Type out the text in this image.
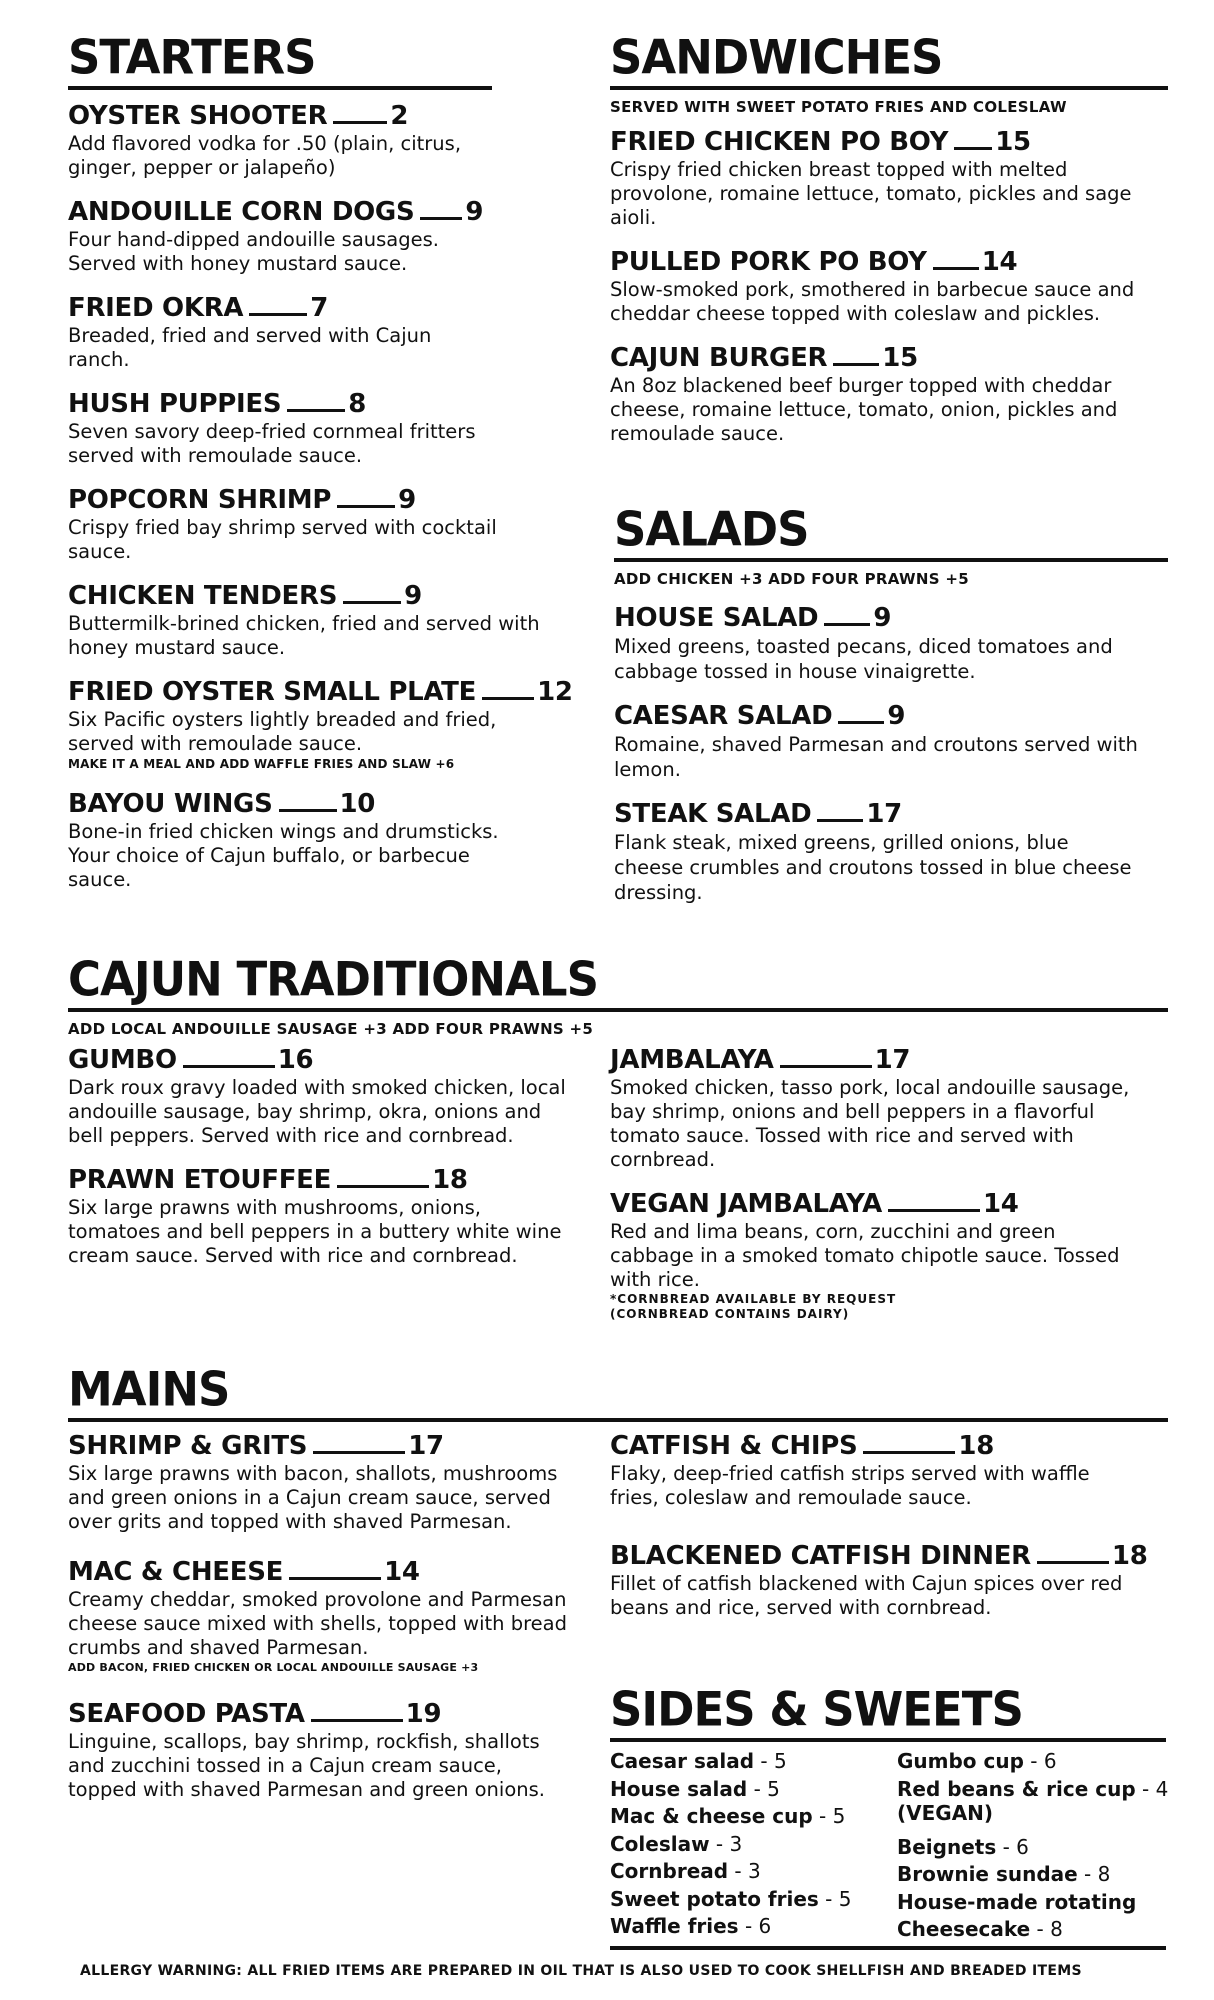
STARTERS
OYSTER SHOOTER 2
Add flavored vodka for .50 (plain, citrus, ginger, pepper or jalapeño)
ANDOUILLE CORN DOGS 9
Four hand-dipped andouille sausages. Served with honey mustard sauce.
FRIED OKRA	7
Breaded, fried and served with Cajun ranch.
HUSH PUPPIES	8
Seven savory deep-fried cornmeal fritters served with remoulade sauce.
POPCORN SHRIMP	9
Crispy fried bay shrimp served with cocktail sauce.
CHICKEN TENDERS	9
Buttermilk-brined chicken, fried and served with honey mustard sauce.
FRIED OYSTER SMALL PLATE 12
Six Pacific oysters lightly breaded and fried, served with remoulade sauce.
MAKE IT A MEAL AND ADD WAFFLE FRIES AND SLAW +6
BAYOU WINGS	10
Bone-in fried chicken wings and drumsticks. Your choice of Cajun buffalo, or barbecue sauce.
SANDWICHES
SERVED WITH SWEET POTATO FRIES AND COLESLAW
FRIED CHICKEN PO BOY 15
Crispy fried chicken breast topped with melted provolone, romaine lettuce, tomato, pickles and sage aioli.
PULLED PORK PO BOY 14
Slow-smoked pork, smothered in barbecue sauce and cheddar cheese topped with coleslaw and pickles.
CAJUN BURGER 15
An 8oz blackened beef burger topped with cheddar cheese, romaine lettuce, tomato, onion, pickles and remoulade sauce.
SALADS
ADD CHICKEN +3 ADD FOUR PRAWNS +5
HOUSE SALAD 9
Mixed greens, toasted pecans, diced tomatoes and cabbage tossed in house vinaigrette.
CAESAR SALAD 9
Romaine, shaved Parmesan and croutons served with lemon.
STEAK SALAD 17
Flank steak, mixed greens, grilled onions, blue cheese crumbles and croutons tossed in blue cheese dressing.
CAJUN TRADITIONALS
ADD LOCAL ANDOUILLE SAUSAGE +3 ADD FOUR PRAWNS +5
GUMBO	16
Dark roux gravy loaded with smoked chicken, local andouille sausage, bay shrimp, okra, onions and bell peppers. Served with rice and cornbread.
PRAWN ETOUFFEE	18
Six large prawns with mushrooms, onions, tomatoes and bell peppers in a buttery white wine cream sauce. Served with rice and cornbread.
JAMBALAYA	17
Smoked chicken, tasso pork, local andouille sausage, bay shrimp, onions and bell peppers in a flavorful tomato sauce. Tossed with rice and served with cornbread.
VEGAN JAMBALAYA	14
Red and lima beans, corn, zucchini and green cabbage in a smoked tomato chipotle sauce. Tossed with rice.
*CORNBREAD AVAILABLE BY REQUEST
(CORNBREAD CONTAINS DAIRY)
MAINS
SHRIMP & GRITS	17
Six large prawns with bacon, shallots, mushrooms and green onions in a Cajun cream sauce, served over grits and topped with shaved Parmesan.
MAC & CHEESE	14
Creamy cheddar, smoked provolone and Parmesan cheese sauce mixed with shells, topped with bread crumbs and shaved Parmesan.
ADD BACON, FRIED CHICKEN OR LOCAL ANDOUILLE SAUSAGE +3
SEAFOOD PASTA	19
Linguine, scallops, bay shrimp, rockfish, shallots and zucchini tossed in a Cajun cream sauce, topped with shaved Parmesan and green onions.
CATFISH & CHIPS	18
Flaky, deep-fried catfish strips served with waffle fries, coleslaw and remoulade sauce.
BLACKENED CATFISH DINNER	18
Fillet of catfish blackened with Cajun spices over red beans and rice, served with cornbread.
SIDES & SWEETS
Caesar salad - 5
House salad - 5
Mac & cheese cup - 5
Coleslaw - 3
Cornbread - 3
Sweet potato fries - 5
Waffle fries - 6
Gumbo cup - 6
Red beans & rice cup - 4
(VEGAN)
Beignets - 6
Brownie sundae - 8
House-made rotating
Cheesecake - 8
ALLERGY WARNING: ALL FRIED ITEMS ARE PREPARED IN OIL THAT IS ALSO USED TO COOK SHELLFISH AND BREADED ITEMS
